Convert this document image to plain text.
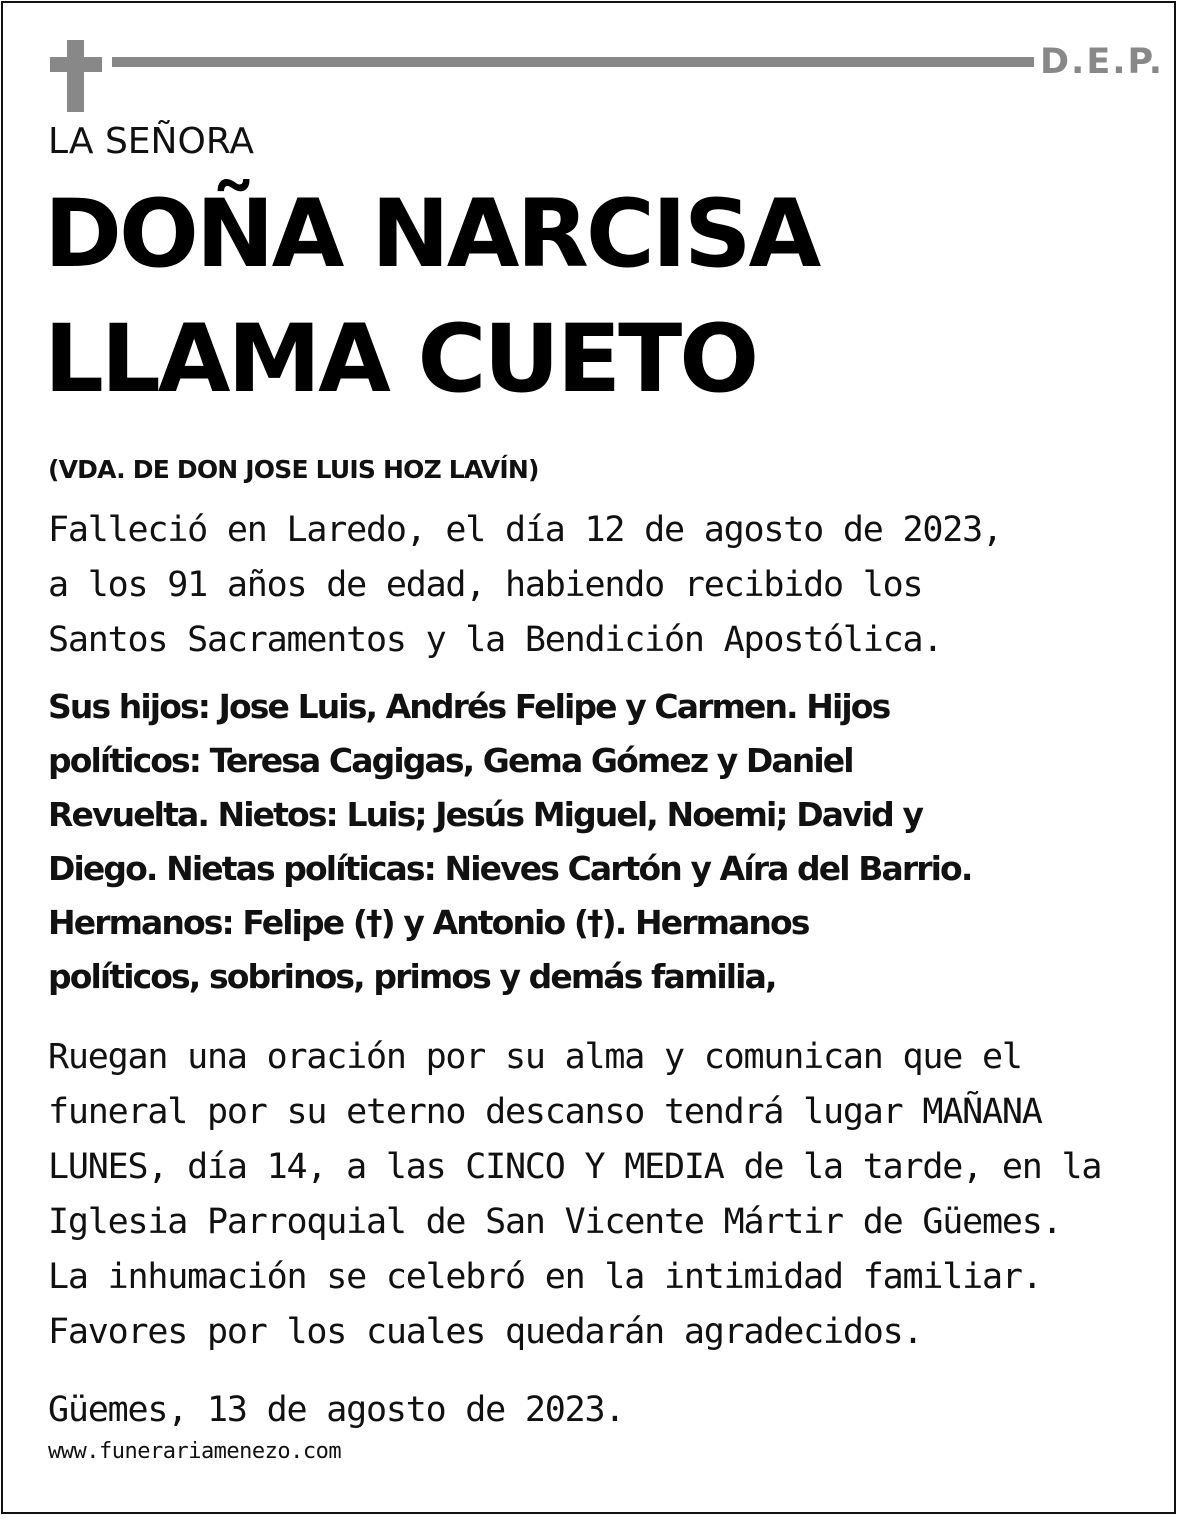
D.E.P.
LA SEÑORA
DOÑA NARCISA
LLAMA CUETO
(VDA. DE DON JOSE LUIS HOZ LAVÍN)
Falleció en Laredo, el día 12 de agosto de 2023,
a los 91 años de edad, habiendo recibido los
Santos Sacramentos y la Bendición Apostólica.
Sus hijos: Jose Luis, Andrés Felipe y Carmen. Hijos
políticos: Teresa Cagigas, Gema Gómez y Daniel
Revuelta. Nietos: Luis; Jesús Miguel, Noemi; David y
Diego. Nietas políticas: Nieves Cartón y Aíra del Barrio.
Hermanos: Felipe (†) y Antonio (†). Hermanos
políticos, sobrinos, primos y demás familia,
Ruegan una oración por su alma y comunican que el
funeral por su eterno descanso tendrá lugar MAÑANA
LUNES, día 14, a las CINCO Y MEDIA de la tarde, en la
Iglesia Parroquial de San Vicente Mártir de Güemes.
La inhumación se celebró en la intimidad familiar.
Favores por los cuales quedarán agradecidos.
Güemes, 13 de agosto de 2023.
www.funerariamenezo.com
